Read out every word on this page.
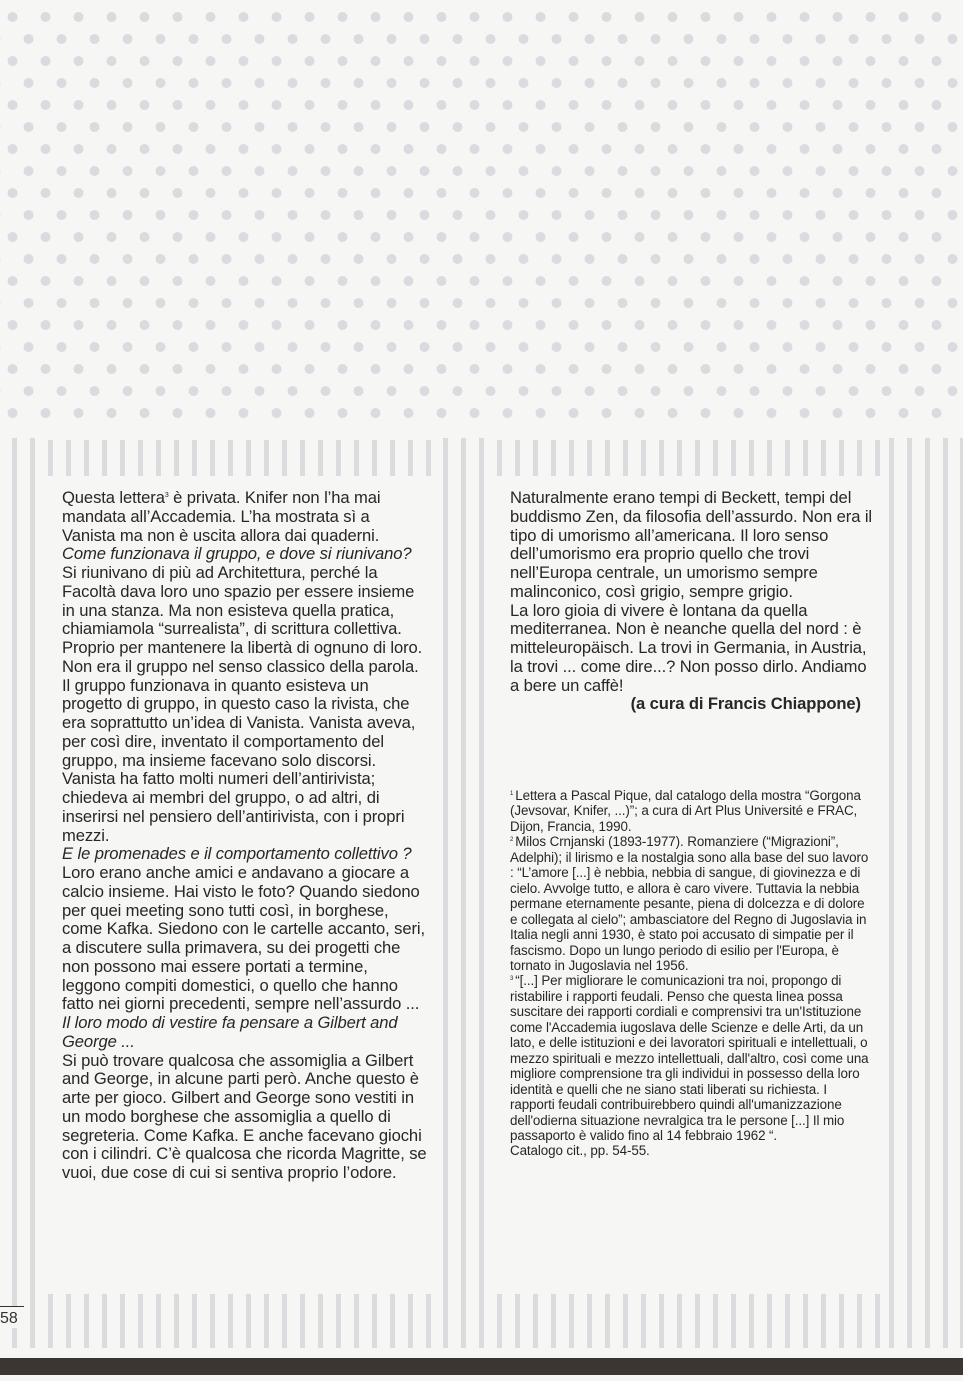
Questa lettera$^3$ è privata. Knifer non l’ha mai mandata all’Accademia. L’ha mostrata sì a Vanista ma non è uscita allora dai quaderni.

Come funzionava il gruppo, e dove si riunivano?

Si riunivano di più ad Architettura, perché la Facoltà dava loro uno spazio per essere insieme in una stanza. Ma non esisteva quella pratica, chiamiamola “surrealista”, di scrittura collettiva. Proprio per mantenere la libertà di ognuno di loro. Non era il gruppo nel senso classico della parola. Il gruppo funzionava in quanto esisteva un progetto di gruppo, in questo caso la rivista, che era soprattutto un’idea di Vanista. Vanista aveva, per così dire, inventato il comportamento del gruppo, ma insieme facevano solo discorsi. Vanista ha fatto molti numeri dell’antirivista; chiedeva ai membri del gruppo, o ad altri, di inserirsi nel pensiero dell’antirivista, con i propri mezzi.

E le promenades e il comportamento collettivo ?

Loro erano anche amici e andavano a giocare a calcio insieme. Hai visto le foto? Quando siedono per quei meeting sono tutti così, in borghese, come Kafka. Siedono con le cartelle accanto, seri, a discutere sulla primavera, su dei progetti che non possono mai essere portati a termine, leggono compiti domestici, o quello che hanno fatto nei giorni precedenti, sempre nell’assurdo ...

Il loro modo di vestire fa pensare a Gilbert and George ...

Si può trovare qualcosa che assomiglia a Gilbert and George, in alcune parti però. Anche questo è arte per gioco. Gilbert and George sono vestiti in un modo borghese che assomiglia a quello di segreteria. Come Kafka. E anche facevano giochi con i cilindri. C’è qualcosa che ricorda Magritte, se vuoi, due cose di cui si sentiva proprio l’odore.

Naturalmente erano tempi di Beckett, tempi del buddismo Zen, da filosofia dell’assurdo. Non era il tipo di umorismo all’americana. Il loro senso dell’umorismo era proprio quello che trovi nell’Europa centrale, un umorismo sempre malinconico, così grigio, sempre grigio.

La loro gioia di vivere è lontana da quella mediterranea. Non è neanche quella del nord : è mitteleuropäisch. La trovi in Germania, in Austria, la trovi ... come dire...? Non posso dirlo. Andiamo a bere un caffè!

(a cura di Francis Chiappone)

$^1$ Lettera a Pascal Pique, dal catalogo della mostra “Gorgona (Jevsovar, Knifer, ...)”; a cura di Art Plus Université e FRAC, Dijon, Francia, 1990.

$^2$ Milos Crnjanski (1893-1977). Romanziere (“Migrazioni”, Adelphi); il lirismo e la nostalgia sono alla base del suo lavoro : “L’amore [...] è nebbia, nebbia di sangue, di giovinezza e di cielo. Avvolge tutto, e allora è caro vivere. Tuttavia la nebbia permane eternamente pesante, piena di dolcezza e di dolore e collegata al cielo”; ambasciatore del Regno di Jugoslavia in Italia negli anni 1930, è stato poi accusato di simpatie per il fascismo. Dopo un lungo periodo di esilio per l'Europa, è tornato in Jugoslavia nel 1956.

$^3$ “[...] Per migliorare le comunicazioni tra noi, propongo di ristabilire i rapporti feudali. Penso che questa linea possa suscitare dei rapporti cordiali e comprensivi tra un'Istituzione come l'Accademia iugoslava delle Scienze e delle Arti, da un lato, e delle istituzioni e dei lavoratori spirituali e intellettuali, o mezzo spirituali e mezzo intellettuali, dall'altro, così come una migliore comprensione tra gli individui in possesso della loro identità e quelli che ne siano stati liberati su richiesta. I rapporti feudali contribuirebbero quindi all'umanizzazione dell'odierna situazione nevralgica tra le persone [...] Il mio passaporto è valido fino al 14 febbraio 1962 “.

Catalogo cit., pp. 54-55.

58
